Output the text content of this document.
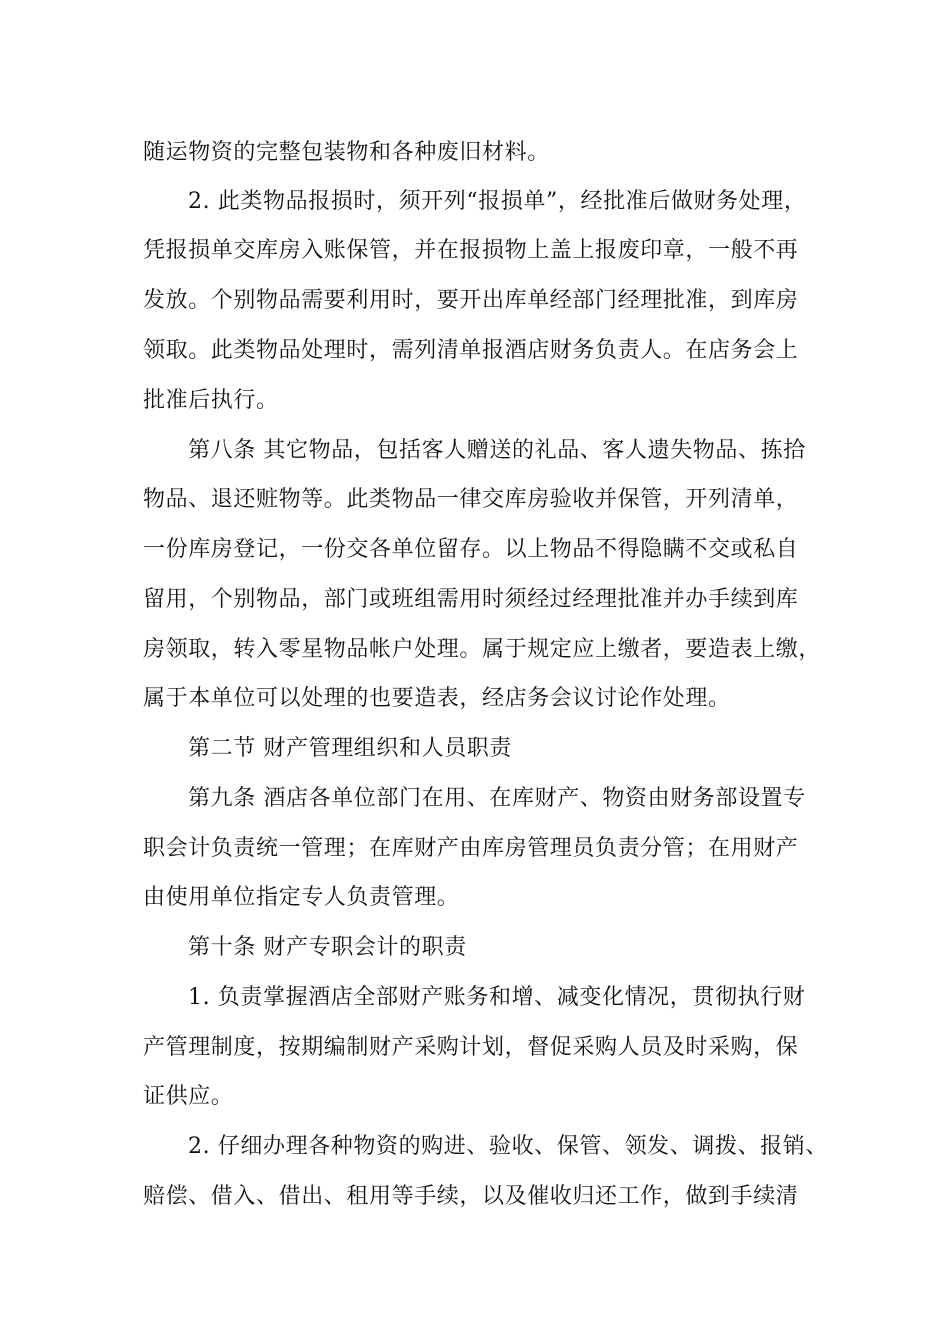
随运物资的完整包装物和各种废旧材料。
2. 此类物品报损时，须开列“报损单”，经批准后做财务处理，
凭报损单交库房入账保管，并在报损物上盖上报废印章，一般不再
发放。个别物品需要利用时，要开出库单经部门经理批准，到库房
领取。此类物品处理时，需列清单报酒店财务负责人。在店务会上
批准后执行。
第八条 其它物品，包括客人赠送的礼品、客人遗失物品、拣拾
物品、退还赃物等。此类物品一律交库房验收并保管，开列清单，
一份库房登记，一份交各单位留存。以上物品不得隐瞒不交或私自
留用，个别物品，部门或班组需用时须经过经理批准并办手续到库
房领取，转入零星物品帐户处理。属于规定应上缴者，要造表上缴，
属于本单位可以处理的也要造表，经店务会议讨论作处理。
第二节 财产管理组织和人员职责
第九条 酒店各单位部门在用、在库财产、物资由财务部设置专
职会计负责统一管理；在库财产由库房管理员负责分管；在用财产
由使用单位指定专人负责管理。
第十条 财产专职会计的职责
1. 负责掌握酒店全部财产账务和增、减变化情况，贯彻执行财
产管理制度，按期编制财产采购计划，督促采购人员及时采购，保
证供应。
2. 仔细办理各种物资的购进、验收、保管、领发、调拨、报销、
赔偿、借入、借出、租用等手续，以及催收归还工作，做到手续清
